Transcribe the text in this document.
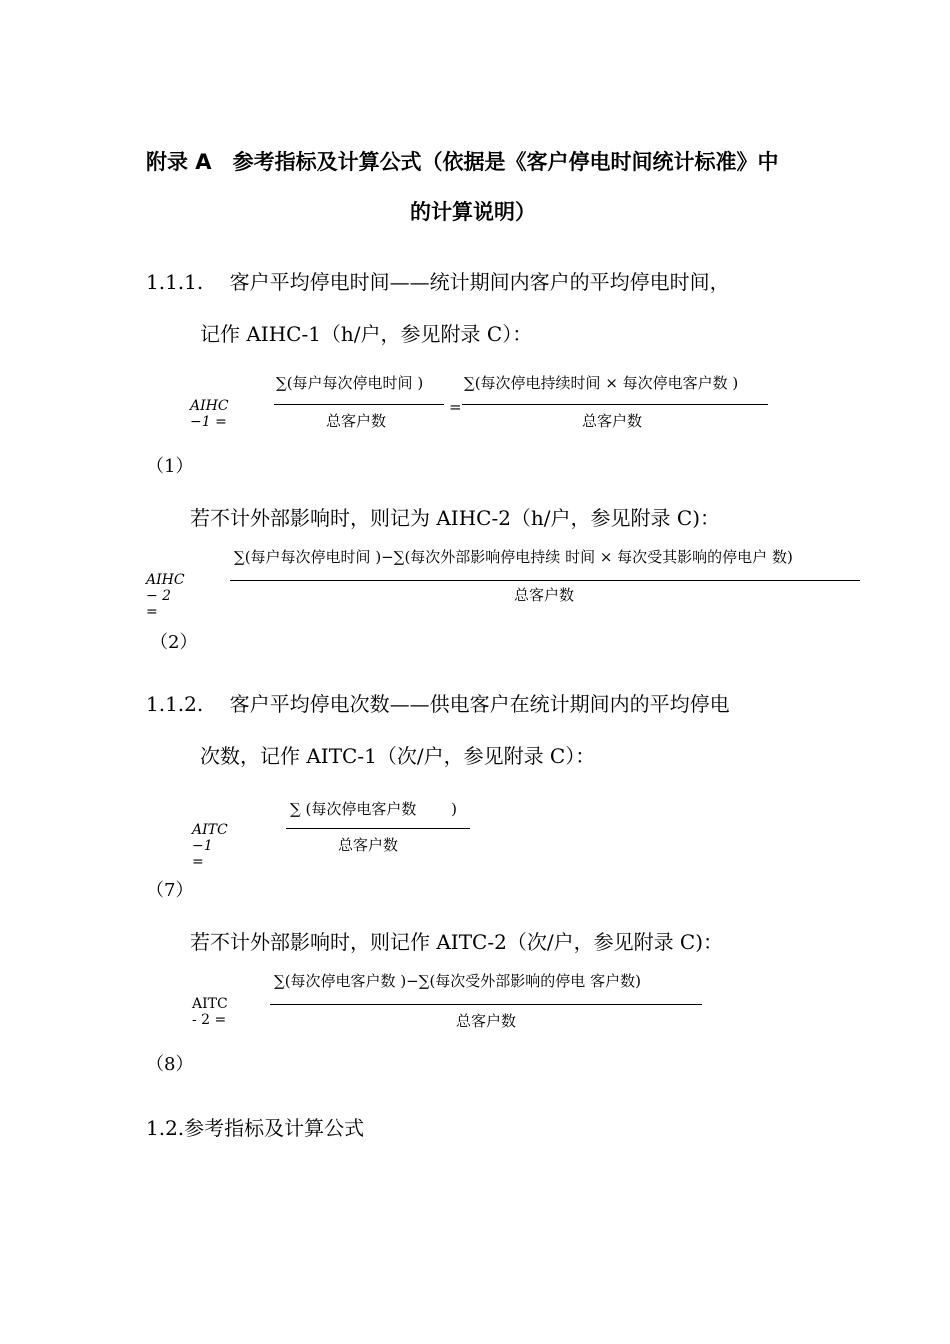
附录 A　参考指标及计算公式（依据是《客户停电时间统计标准》中
的计算说明）
1.1.1.　 客户平均停电时间——统计期间内客户的平均停电时间，
记作 AIHC-1（h/户，参见附录 C）：
AIHC −1 =
∑(每户每次停电时间 )
总客户数
=
∑(每次停电持续时间 × 每次停电客户数 )
总客户数
（1）
若不计外部影响时，则记为 AIHC-2（h/户，参见附录 C)：
AIHC − 2 =
∑(每户每次停电时间 )−∑(每次外部影响停电持续 时间 × 每次受其影响的停电户 数)
总客户数
（2）
1.1.2.　 客户平均停电次数——供电客户在统计期间内的平均停电
次数，记作 AITC-1（次/户，参见附录 C）：
AITC −1 =
∑ (每次停电客户数　　 )
总客户数
（7）
若不计外部影响时，则记作 AITC-2（次/户，参见附录 C)：
AITC - 2 =
∑(每次停电客户数 )−∑(每次受外部影响的停电 客户数)
总客户数
（8）
1.2.参考指标及计算公式
